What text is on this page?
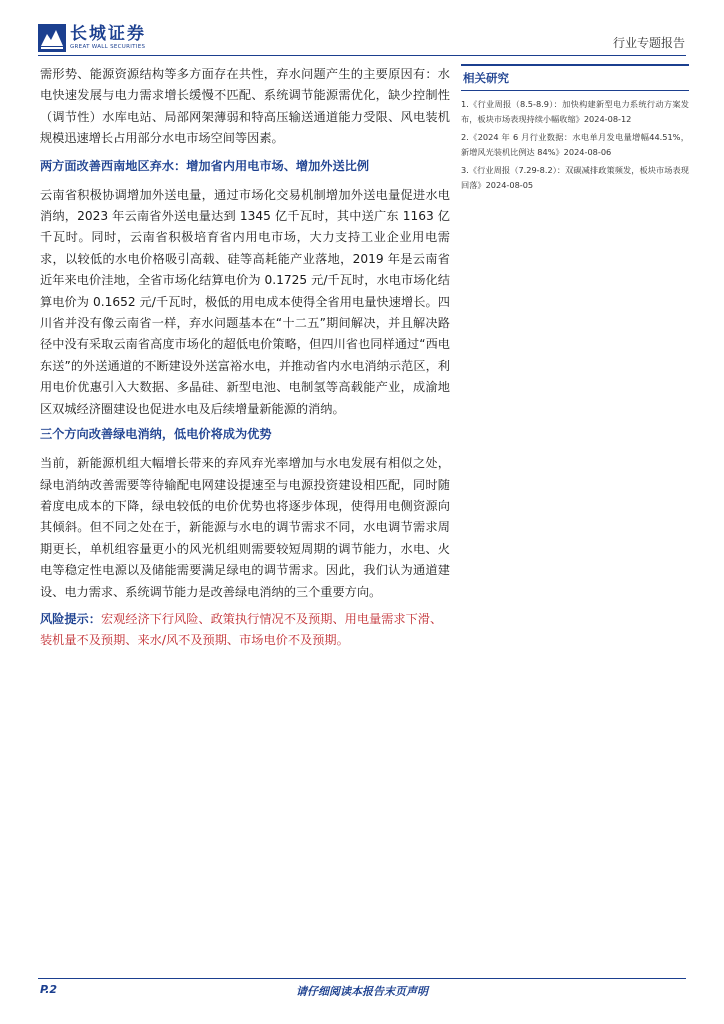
长城证券
GREAT WALL SECURITIES	行业专题报告

需形势、能源资源结构等多方面存在共性，弃水问题产生的主要原因有：水电快速发展与电力需求增长缓慢不匹配、系统调节能源需优化，缺少控制性（调节性）水库电站、局部网架薄弱和特高压输送通道能力受限、风电装机规模迅速增长占用部分水电市场空间等因素。

两方面改善西南地区弃水：增加省内用电市场、增加外送比例

云南省积极协调增加外送电量，通过市场化交易机制增加外送电量促进水电消纳，2023 年云南省外送电量达到 1345 亿千瓦时，其中送广东 1163 亿千瓦时。同时，云南省积极培育省内用电市场，大力支持工业企业用电需求，以较低的水电价格吸引高载、硅等高耗能产业落地，2019 年是云南省近年来电价洼地，全省市场化结算电价为 0.1725 元/千瓦时，水电市场化结算电价为 0.1652 元/千瓦时，极低的用电成本使得全省用电量快速增长。四川省并没有像云南省一样，弃水问题基本在“十二五”期间解决，并且解决路径中没有采取云南省高度市场化的超低电价策略，但四川省也同样通过“西电东送”的外送通道的不断建设外送富裕水电，并推动省内水电消纳示范区，利用电价优惠引入大数据、多晶硅、新型电池、电制氢等高载能产业，成渝地区双城经济圈建设也促进水电及后续增量新能源的消纳。

三个方向改善绿电消纳，低电价将成为优势

当前，新能源机组大幅增长带来的弃风弃光率增加与水电发展有相似之处，绿电消纳改善需要等待输配电网建设提速至与电源投资建设相匹配，同时随着度电成本的下降，绿电较低的电价优势也将逐步体现，使得用电侧资源向其倾斜。但不同之处在于，新能源与水电的调节需求不同，水电调节需求周期更长，单机组容量更小的风光机组则需要较短周期的调节能力，水电、火电等稳定性电源以及储能需要满足绿电的调节需求。因此，我们认为通道建设、电力需求、系统调节能力是改善绿电消纳的三个重要方向。

风险提示：宏观经济下行风险、政策执行情况不及预期、用电量需求下滑、装机量不及预期、来水/风不及预期、市场电价不及预期。

相关研究
1.《行业周报（8.5-8.9）：加快构建新型电力系统行动方案发布，板块市场表现持续小幅收缩》2024-08-12
2.《2024 年 6 月行业数据：水电单月发电量增幅44.51%，新增风光装机比例达 84%》2024-08-06
3.《行业周报（7.29-8.2）：双碳减排政策频发，板块市场表现回落》2024-08-05
P.2	请仔细阅读本报告末页声明
